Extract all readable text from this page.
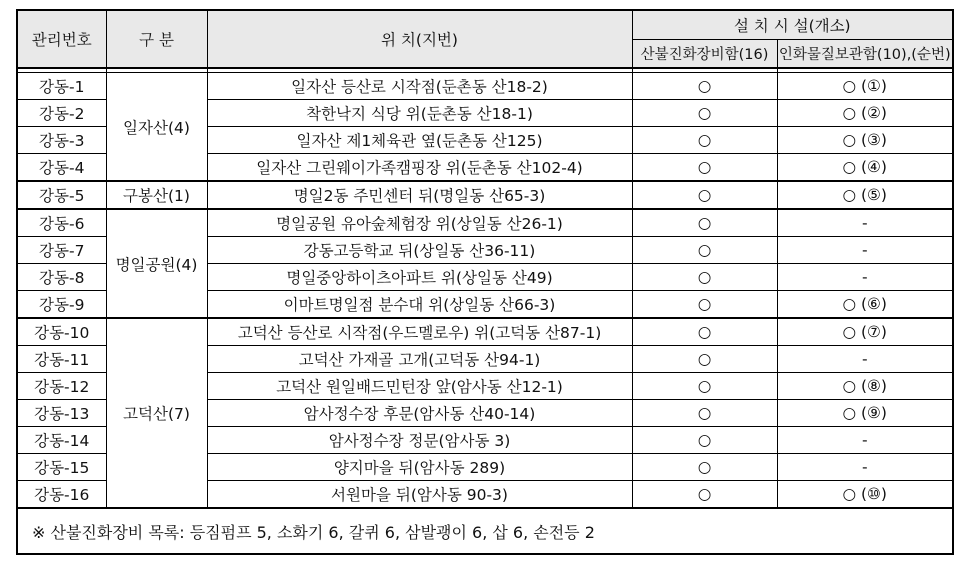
관리번호	구 분	위 치(지번)	설 치 시 설(개소)	
			산불진화장비함(16)	인화물질보관함(10),(순번)

강동-1	일자산(4)	일자산 등산로 시작점(둔촌동 산18-2)	○	○ (①)
강동-2		착한낙지 식당 위(둔촌동 산18-1)	○	○ (②)
강동-3		일자산 제1체육관 옆(둔촌동 산125)	○	○ (③)
강동-4		일자산 그린웨이가족캠핑장 위(둔촌동 산102-4)	○	○ (④)
강동-5	구봉산(1)	명일2동 주민센터 뒤(명일동 산65-3)	○	○ (⑤)
강동-6	명일공원(4)	명일공원 유아숲체험장 위(상일동 산26-1)	○	-
강동-7		강동고등학교 뒤(상일동 산36-11)	○	-
강동-8		명일중앙하이츠아파트 위(상일동 산49)	○	-
강동-9		이마트명일점 분수대 위(상일동 산66-3)	○	○ (⑥)
강동-10	고덕산(7)	고덕산 등산로 시작점(우드멜로우) 위(고덕동 산87-1)	○	○ (⑦)
강동-11		고덕산 가재골 고개(고덕동 산94-1)	○	-
강동-12		고덕산 원일배드민턴장 앞(암사동 산12-1)	○	○ (⑧)
강동-13		암사정수장 후문(암사동 산40-14)	○	○ (⑨)
강동-14		암사정수장 정문(암사동 3)	○	-
강동-15		양지마을 뒤(암사동 289)	○	-
강동-16		서원마을 뒤(암사동 90-3)	○	○ (⑩)
※ 산불진화장비 목록: 등짐펌프 5, 소화기 6, 갈퀴 6, 삼발괭이 6, 삽 6, 손전등 2				
